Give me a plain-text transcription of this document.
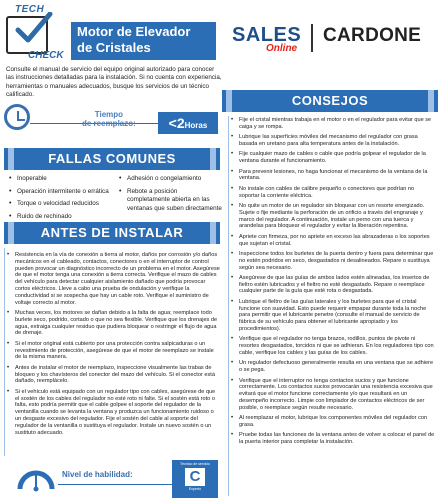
TECH
CHECK
Motor de Elevador
de Cristales
SALES
Online
CARDONE

Consulte el manual de servicio del equipo original autorizado para conocer las instrucciones detalladas para la instalación. Si no cuenta con experiencia, herramientas o manuales adecuados, busque los servicios de un técnico calificado.

Tiempo
de reemplazo:	<2Horas
FALLAS COMUNES
• Inoperable
• Operación intermitente o errática
• Torque o velocidad reducidos
• Ruido de rechinado
• Adhesión o congelamiento
• Rebote a posición completamente abierta en las ventanas que suben directamente
ANTES DE INSTALAR
• Resistencia en la vía de conexión a tierra al motor, daños por corrosión y/o daños mecánicos en el cableado, contactos, conectores o en el interruptor de control pueden provocar un diagnóstico incorrecto de un problema en el motor. Asegúrese de que el motor tenga una conexión a tierra correcta. Verifique el mazo de cables del vehículo para detectar cualquier aislamiento dañado que podría provocar cortos eléctricos. Lleve a cabo una prueba de ondulación y verifique la conductividad si se sospecha que hay un cable roto. Verifique el suministro de voltaje correcto al motor.
• Muchas veces, los motores se dañan debido a la falta de agua; reemplace todo burlete seco, podrido, cortado o que no sea flexible. Verifique que los drenajes de agua, extraiga cualquier residuo que pudiera bloquear o restringir el flujo de agua de drenaje.
• Si el motor original está cubierto por una protección contra salpicaduras o un revestimiento de protección, asegúrese de que el motor de reemplazo se instale de la misma manera.
• Antes de instalar el motor de reemplazo, inspeccione visualmente las trabas de bloqueo y los chavísteros del conector del mazo del vehículo. Si el conector está dañado, reemplácelo.
• Si el vehículo está equipado con un regulador tipo con cables, asegúrese de que el sostén de los cables del regulador no esté roto ni falte. Si el sostén está roto o falta, esto podría permitir que el cable golpee el soporte del regulador de la ventanilla cuando se levanta la ventana y produzca un funcionamiento ruidoso o un desgaste excesivo del regulador. Fije el sostén del cable al soporte del regulador de la ventanilla o sustituya el regulador. Instale un nuevo sostén o un sustituto adecuado.
CONSEJOS
• Fije el cristal mientras trabaja en el motor o en el regulador para evitar que se caiga y se rompa.
• Lubrique las superficies móviles del mecanismo del regulador con grasa basada en uretano para alta temperatura antes de la instalación.
• Fije cualquier mazo de cables o cable que podría golpear el regulador de la ventana durante el funcionamiento.
• Para prevenir lesiones, no haga funcionar el mecanismo de la ventana de la ventana.
• No instale con cables de calibre pequeño o conectores que podrían no soportar la corriente eléctrica.
• No quite un motor de un regulador sin bloquear con un resorte energizado. Sujete o fije mediante la perforación de un orificio a través del engranaje y marco del regulador. A continuación, instale un perno con una tuerca y arandelas para bloquear el regulador y evitar la liberación repentina.
• Apriete con firmeza, por no apriete en exceso las abrazaderas o los soportes que sujetan el cristal.
• Inspeccione todos los burletes de la puerta dentro y fuera para determinar que no estén podridos en seco, desgastados ni desalineados. Repare o sustituya según sea necesario.
• Asegúrese de que las guías de ambos lados estén alineadas, los insertos de fieltro estén lubricados y el fieltro no esté desgastado. Repare o reemplace cualquier parte de la guía que esté rota o desgastada.
• Lubrique el fieltro de las guías laterales y los burletes para que el cristal funcione con suavidad. Esto puede requerir empapar durante toda la noche para permitir que el lubricante penetre (consulte el manual de servicio de fábrica de su vehículo para obtener el lubricante apropiado y los procedimientos).
• Verifique que el regulador no tenga brazos, rodillos, puntos de pivote ni resortes desgastados, torcidos ni que se adhieran. En los reguladores tipo con cable, verifique los cables y las guías de los cables.
• Un regulador defectuoso generalmente resulta en una ventana que se adhiere o se pega.
• Verifique que el interruptor no tenga contactos sucios y que funcione correctamente. Los contactos sucios provocarán una resistencia excesiva que evitará que el motor funcione correctamente y/o que resultará en un desempeño incorrecto. Limpie con limpiador de contactos eléctricos de ser posible, o reemplace según resulte necesario.
• Al reemplazar el motor, lubrique los componentes móviles del regulador con grasa.
• Pruebe todas las funciones de la ventana antes de volver a colocar el panel de la puerta interior para completar la instalación.
Nivel de habilidad:
Técnico de servicio
C
Experto
